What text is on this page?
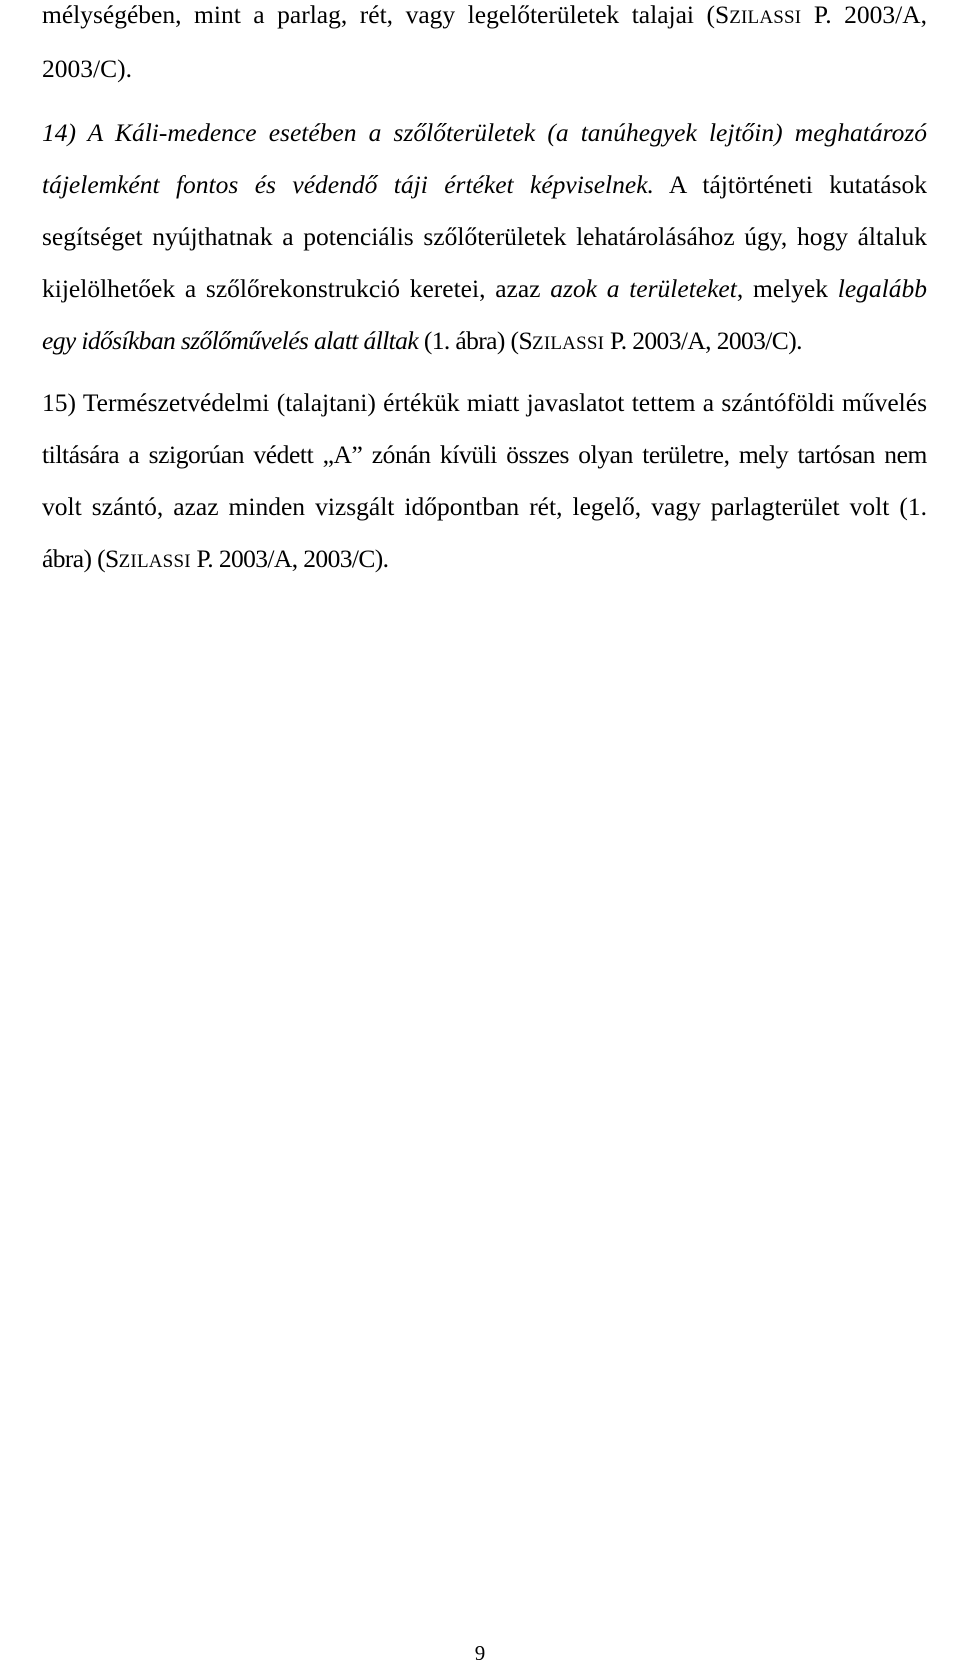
mélységében, mint a parlag, rét, vagy legelőterületek talajai (SZILASSI P. 2003/A,
2003/C).
14) A Káli-medence esetében a szőlőterületek (a tanúhegyek lejtőin) meghatározó
tájelemként fontos és védendő táji értéket képviselnek. A tájtörténeti kutatások
segítséget nyújthatnak a potenciális szőlőterületek lehatárolásához úgy, hogy általuk
kijelölhetőek a szőlőrekonstrukció keretei, azaz azok a területeket, melyek legalább
egy idősíkban szőlőművelés alatt álltak (1. ábra) (SZILASSI P. 2003/A, 2003/C).
15) Természetvédelmi (talajtani) értékük miatt javaslatot tettem a szántóföldi művelés
tiltására a szigorúan védett „A” zónán kívüli összes olyan területre, mely tartósan nem
volt szántó, azaz minden vizsgált időpontban rét, legelő, vagy parlagterület volt (1.
ábra) (SZILASSI P. 2003/A, 2003/C).
9
